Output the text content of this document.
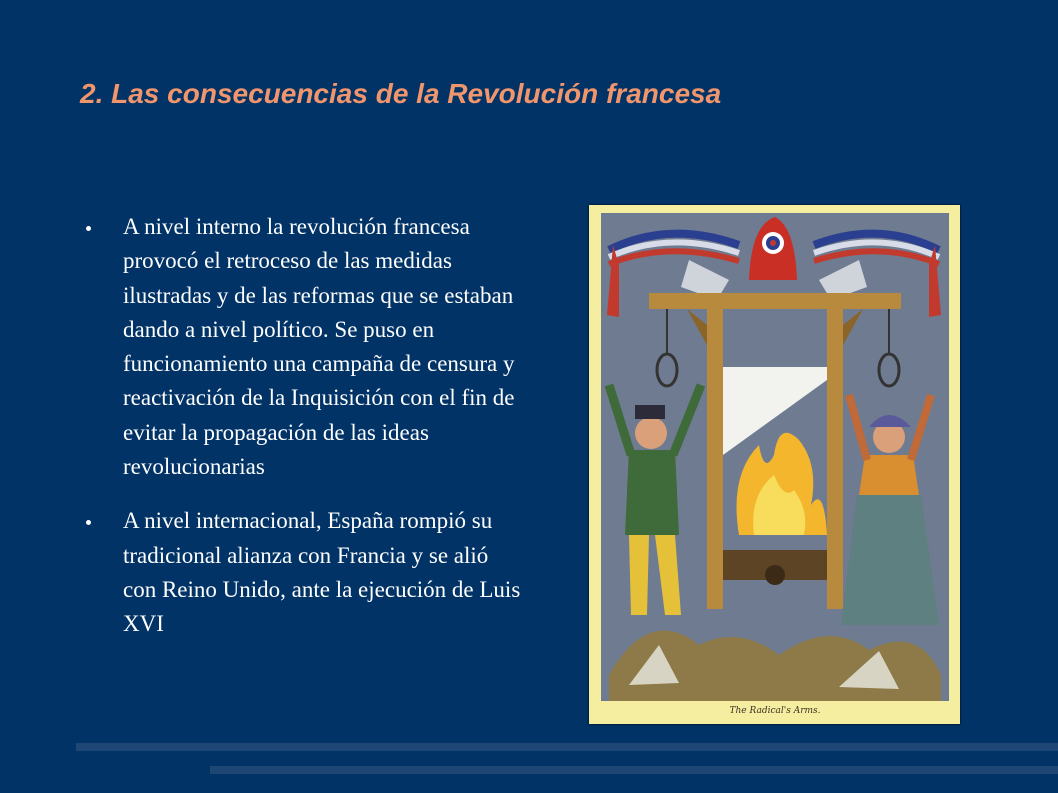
2. Las consecuencias de la Revolución francesa
A nivel interno la revolución francesa provocó el retroceso de las medidas ilustradas y de las reformas que se estaban dando a nivel político. Se puso en funcionamiento una campaña de censura y reactivación de la Inquisición con el fin de evitar la propagación de las ideas revolucionarias
A nivel internacional, España rompió su tradicional alianza con Francia y se alió con Reino Unido, ante la ejecución de Luis XVI
The Radical's Arms.
